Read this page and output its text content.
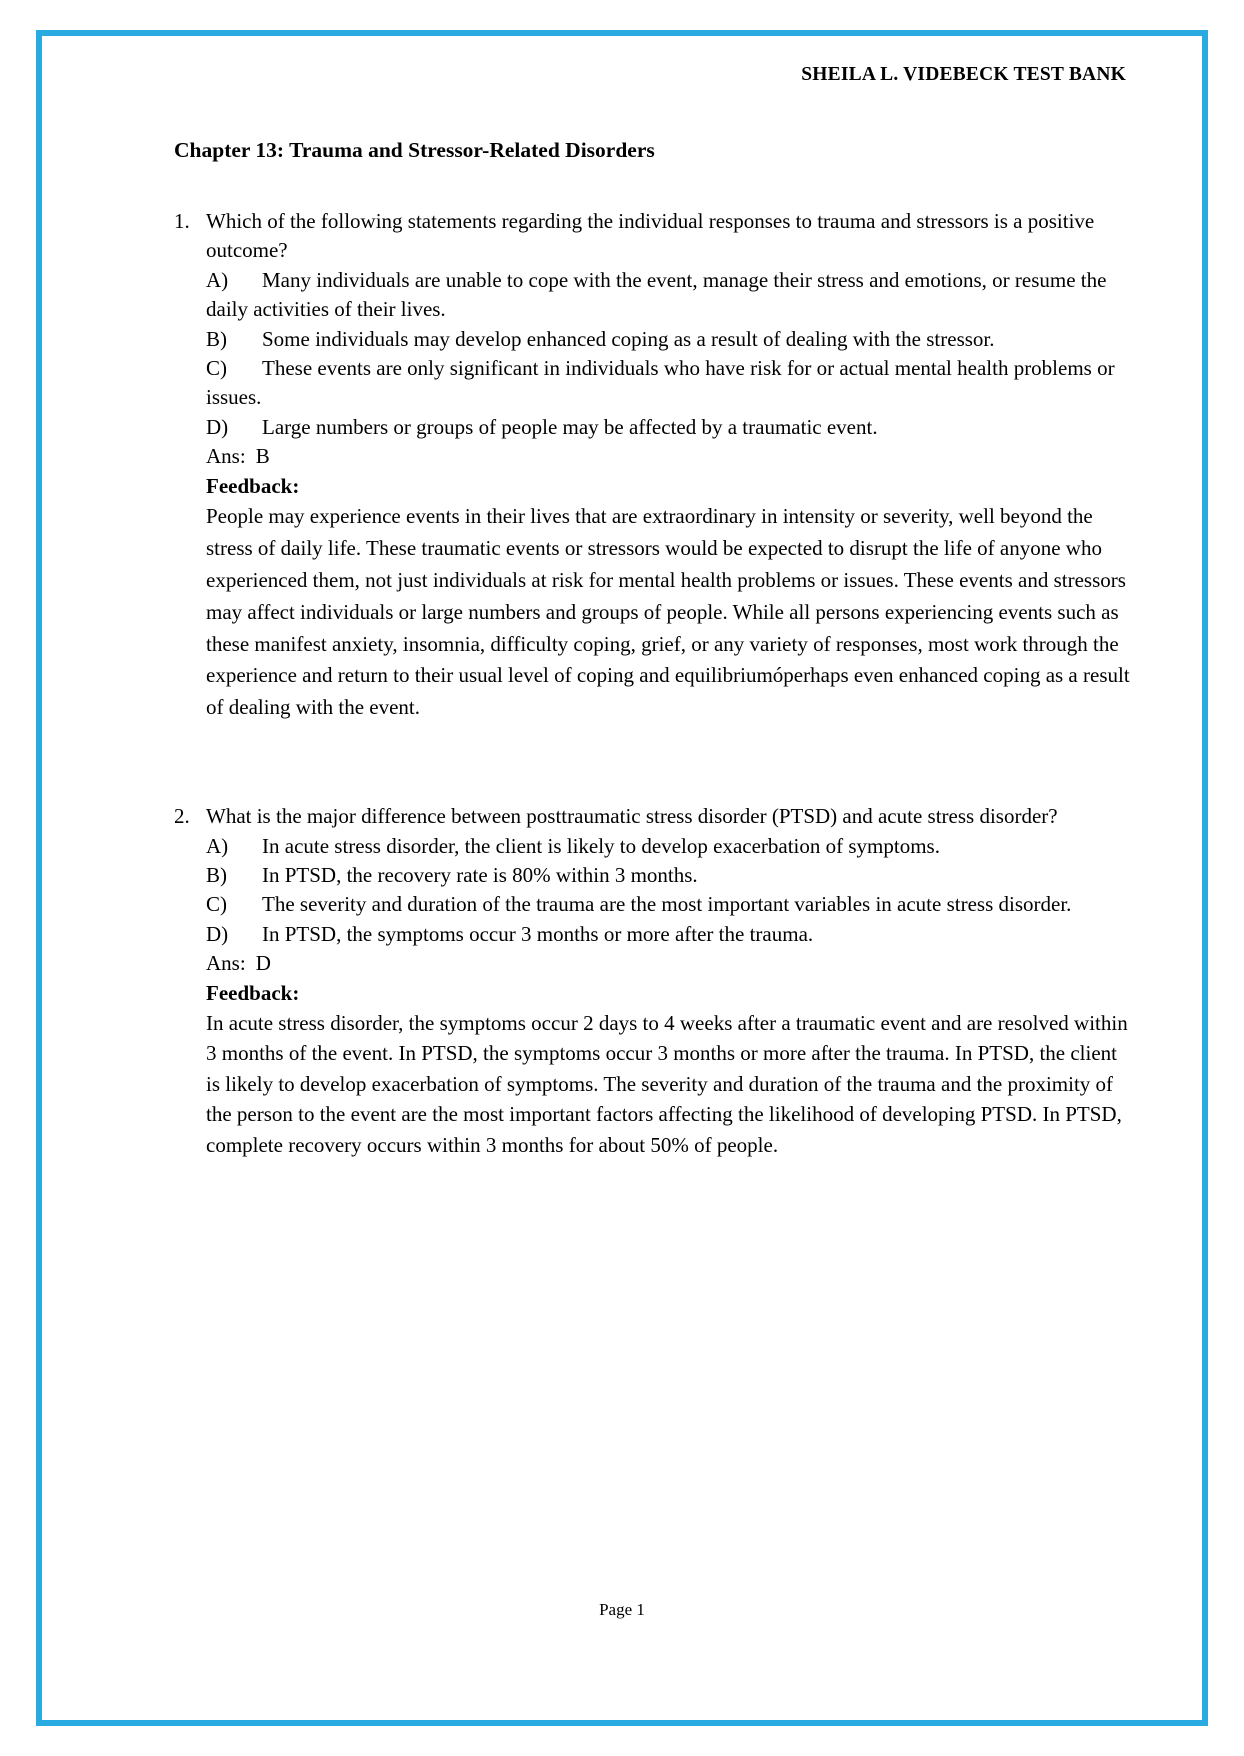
SHEILA L. VIDEBECK TEST BANK
Chapter 13: Trauma and Stressor-Related Disorders
1. Which of the following statements regarding the individual responses to trauma and stressors is a positive outcome?

A) Many individuals are unable to cope with the event, manage their stress and emotions, or resume the daily activities of their lives.

B) Some individuals may develop enhanced coping as a result of dealing with the stressor.

C) These events are only significant in individuals who have risk for or actual mental health problems or issues.

D) Large numbers or groups of people may be affected by a traumatic event.

Ans: B

Feedback:

People may experience events in their lives that are extraordinary in intensity or severity, well beyond the stress of daily life. These traumatic events or stressors would be expected to disrupt the life of anyone who experienced them, not just individuals at risk for mental health problems or issues. These events and stressors may affect individuals or large numbers and groups of people. While all persons experiencing events such as these manifest anxiety, insomnia, difficulty coping, grief, or any variety of responses, most work through the experience and return to their usual level of coping and equilibriumóperhaps even enhanced coping as a result of dealing with the event.

2. What is the major difference between posttraumatic stress disorder (PTSD) and acute stress disorder?

A) In acute stress disorder, the client is likely to develop exacerbation of symptoms.

B) In PTSD, the recovery rate is 80% within 3 months.

C) The severity and duration of the trauma are the most important variables in acute stress disorder.

D) In PTSD, the symptoms occur 3 months or more after the trauma.

Ans: D

Feedback:

In acute stress disorder, the symptoms occur 2 days to 4 weeks after a traumatic event and are resolved within 3 months of the event. In PTSD, the symptoms occur 3 months or more after the trauma. In PTSD, the client is likely to develop exacerbation of symptoms. The severity and duration of the trauma and the proximity of the person to the event are the most important factors affecting the likelihood of developing PTSD. In PTSD, complete recovery occurs within 3 months for about 50% of people.

Page 1
